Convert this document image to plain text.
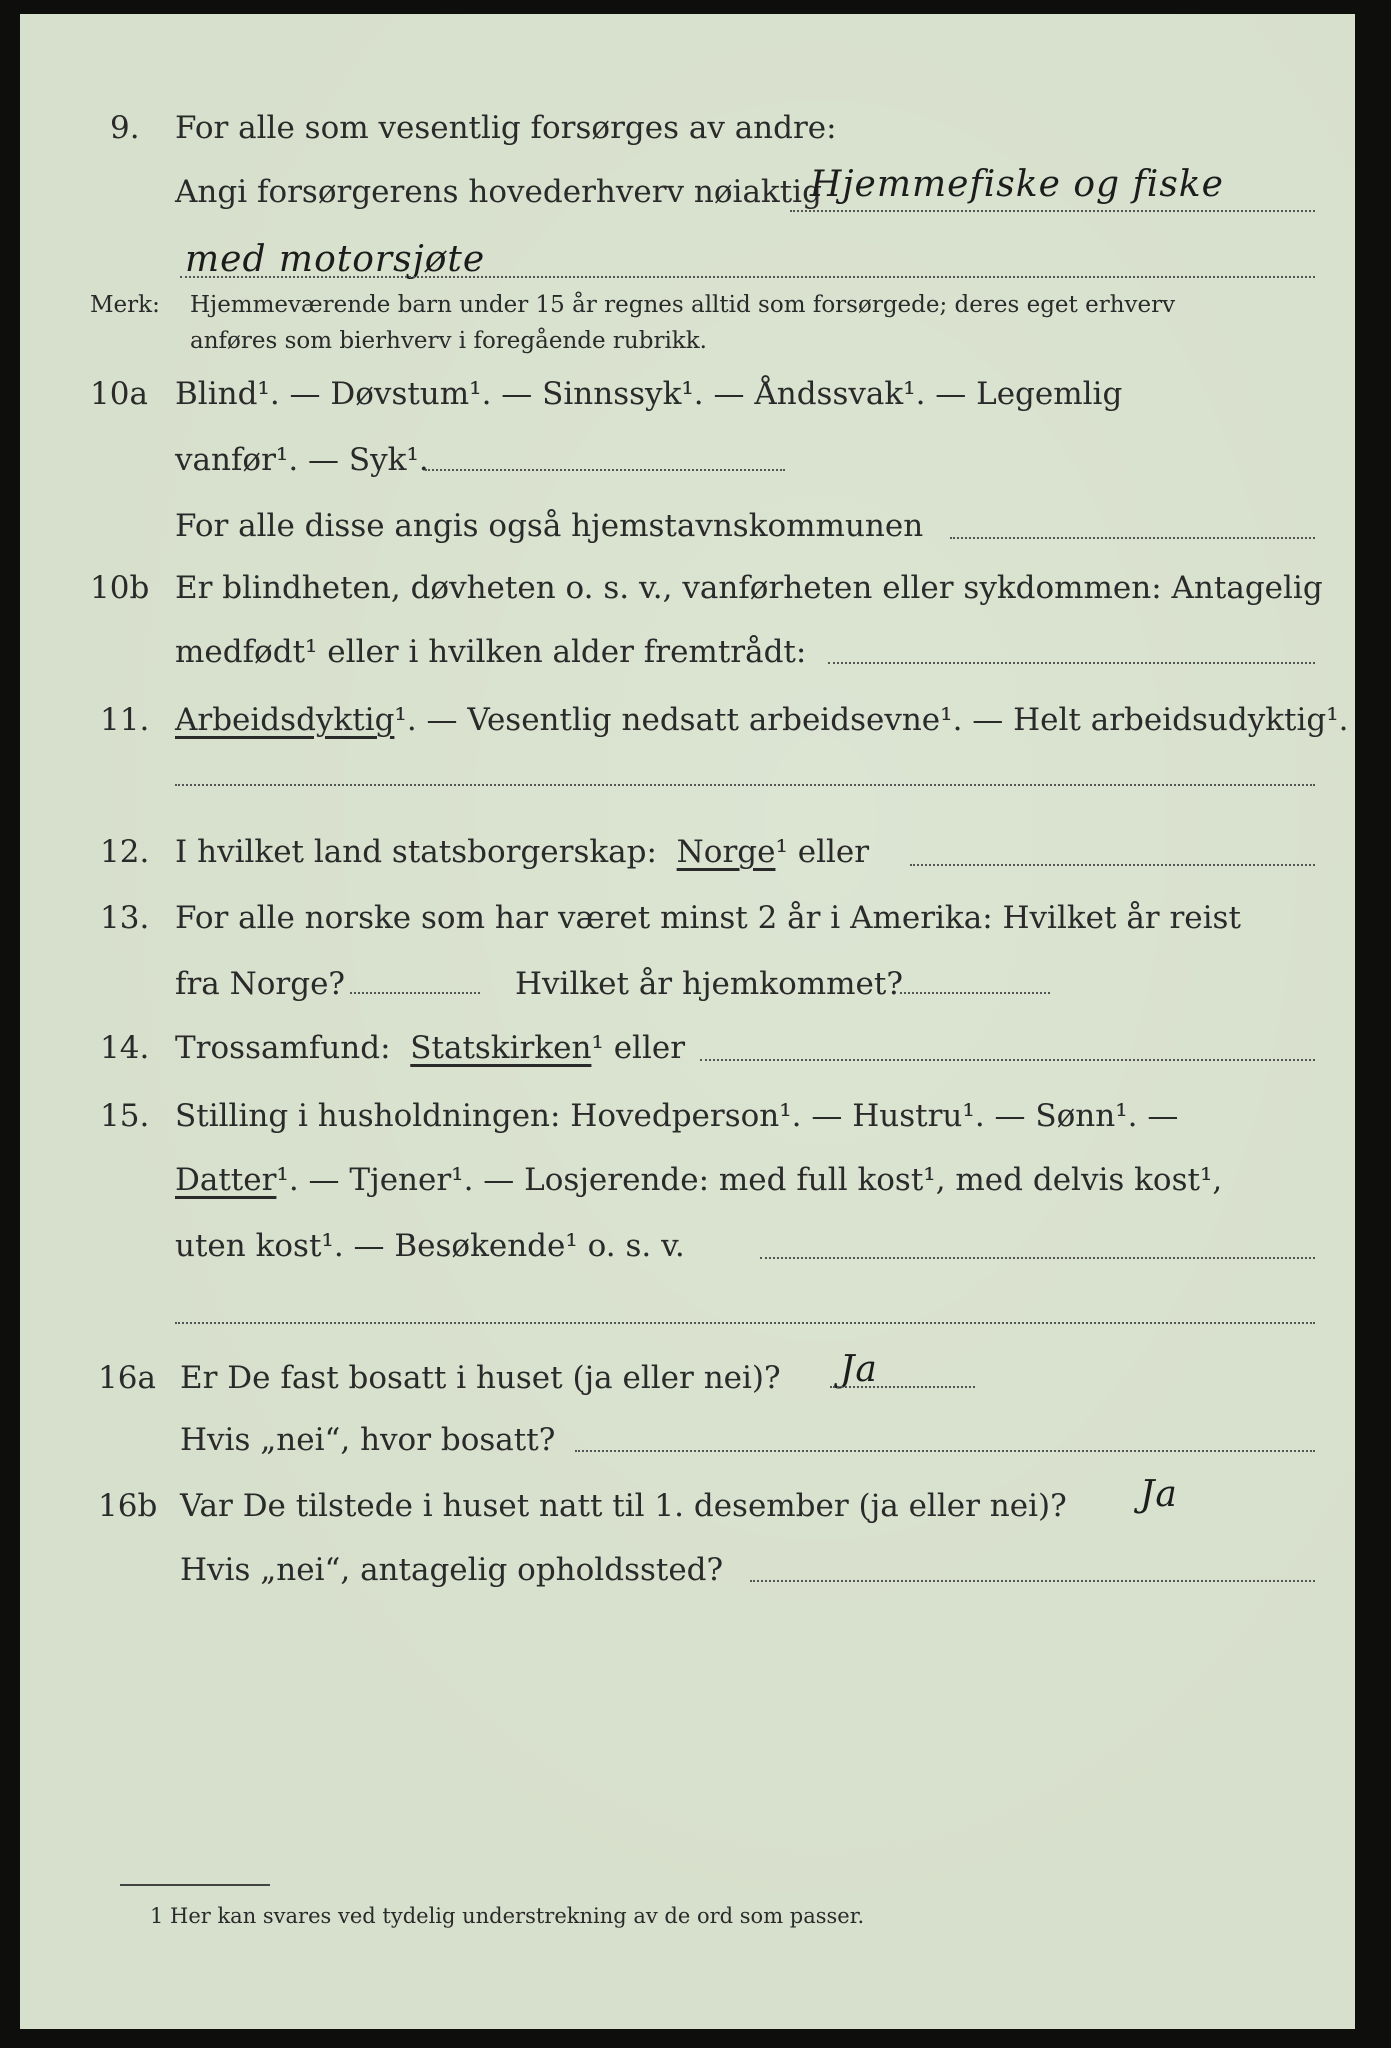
9. For alle som vesentlig forsørges av andre:
Angi forsørgerens hovederhverv nøiaktig
Hjemmefiske og fiske
med motorsjøte
Merk: Hjemmeværende barn under 15 år regnes alltid som forsørgede; deres eget erhverv
anføres som bierhverv i foregående rubrikk.
10a Blind¹. — Døvstum¹. — Sinnssyk¹. — Åndssvak¹. — Legemlig
vanfør¹. — Syk¹.
For alle disse angis også hjemstavnskommunen
10b Er blindheten, døvheten o. s. v., vanførheten eller sykdommen: Antagelig
medfødt¹ eller i hvilken alder fremtrådt:
11. Arbeidsdyktig¹. — Vesentlig nedsatt arbeidsevne¹. — Helt arbeidsudyktig¹.
12. I hvilket land statsborgerskap: Norge¹ eller
13. For alle norske som har været minst 2 år i Amerika: Hvilket år reist
fra Norge?	Hvilket år hjemkommet?
14. Trossamfund: Statskirken¹ eller
15. Stilling i husholdningen: Hovedperson¹. — Hustru¹. — Sønn¹. —
Datter¹. — Tjener¹. — Losjerende: med full kost¹, med delvis kost¹,
uten kost¹. — Besøkende¹ o. s. v.
16a Er De fast bosatt i huset (ja eller nei)? Ja
Hvis „nei“, hvor bosatt?
16b Var De tilstede i huset natt til 1. desember (ja eller nei)? Ja
Hvis „nei“, antagelig opholdssted?
1 Her kan svares ved tydelig understrekning av de ord som passer.
